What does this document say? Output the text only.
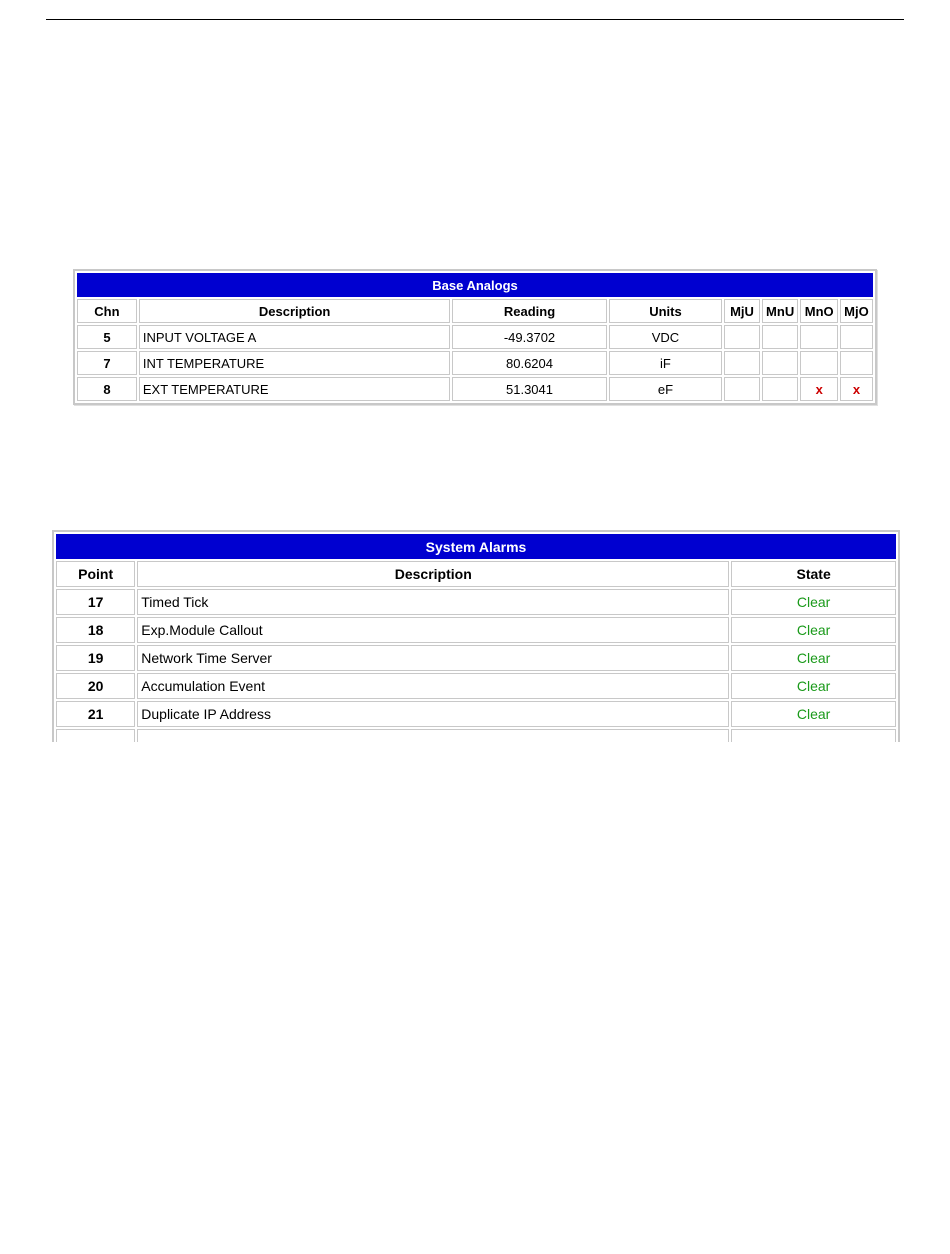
Base Analogs							
Chn	Description	Reading	Units	MjU	MnU	MnO	MjO
5	INPUT VOLTAGE A	-49.3702	VDC				
7	INT TEMPERATURE	80.6204	iF				
8	EXT TEMPERATURE	51.3041	eF			x	x
System Alarms		
Point	Description	State
17	Timed Tick	Clear
18	Exp.Module Callout	Clear
19	Network Time Server	Clear
20	Accumulation Event	Clear
21	Duplicate IP Address	Clear
